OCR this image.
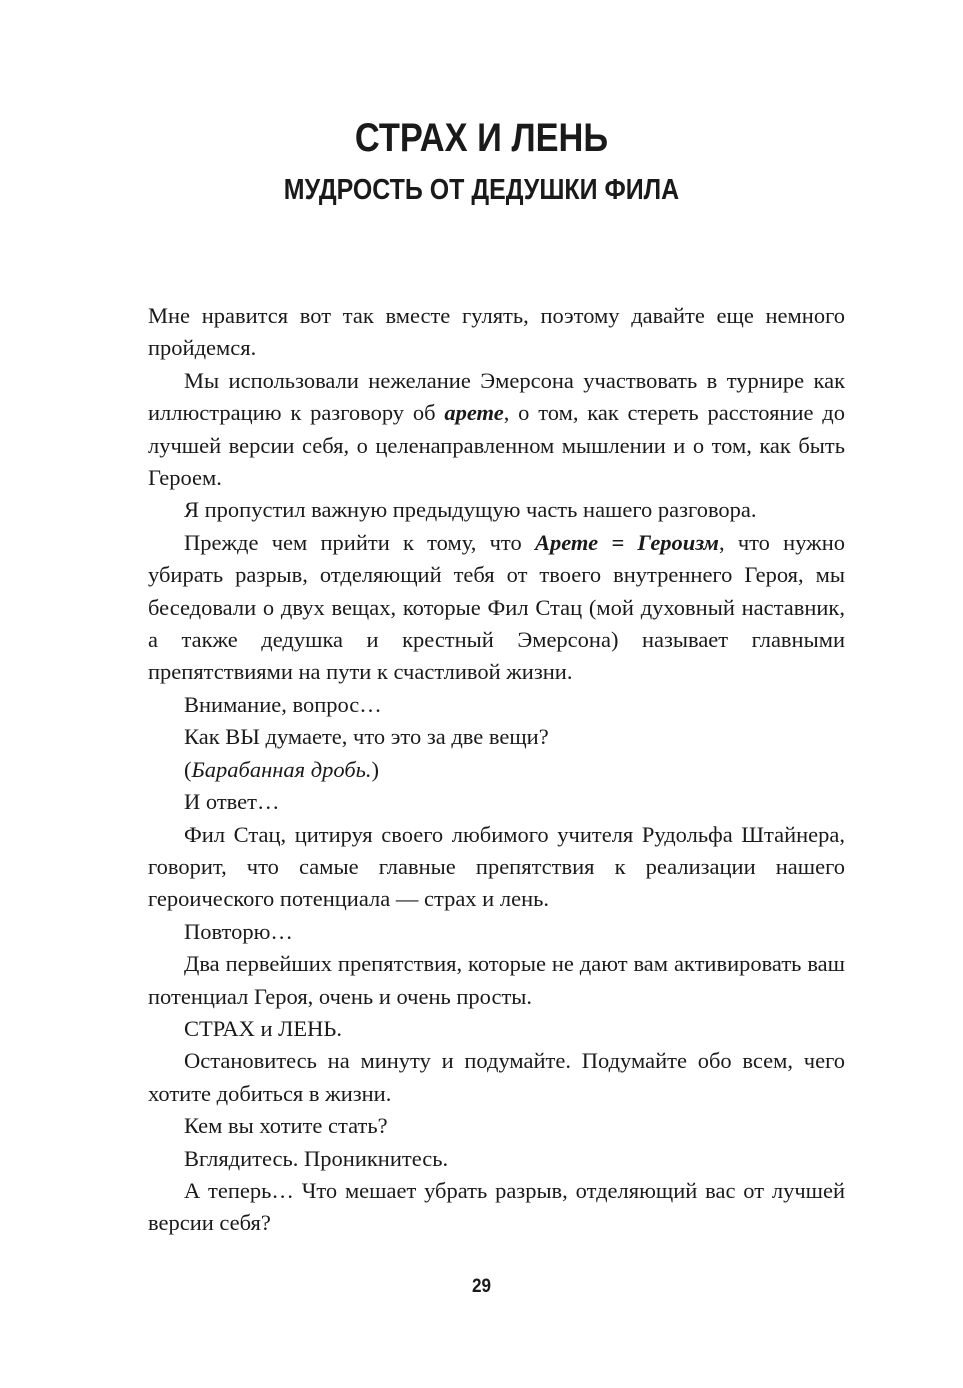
СТРАХ И ЛЕНЬ
МУДРОСТЬ ОТ ДЕДУШКИ ФИЛА

Мне нравится вот так вместе гулять, поэтому давайте еще немного пройдемся.

Мы использовали нежелание Эмерсона участвовать в турнире как иллюстрацию к разговору об арете, о том, как стереть расстояние до лучшей версии себя, о целенаправленном мышлении и о том, как быть Героем.

Я пропустил важную предыдущую часть нашего разговора.

Прежде чем прийти к тому, что Арете = Героизм, что нужно убирать разрыв, отделяющий тебя от твоего внутреннего Героя, мы беседовали о двух вещах, которые Фил Стац (мой духовный наставник, а также дедушка и крестный Эмерсона) называет главными препятствиями на пути к счастливой жизни.

Внимание, вопрос…

Как ВЫ думаете, что это за две вещи?

(Барабанная дробь.)

И ответ…

Фил Стац, цитируя своего любимого учителя Рудольфа Штайнера, говорит, что самые главные препятствия к реализации нашего героического потенциала — страх и лень.

Повторю…

Два первейших препятствия, которые не дают вам активировать ваш потенциал Героя, очень и очень просты.

СТРАХ и ЛЕНЬ.

Остановитесь на минуту и подумайте. Подумайте обо всем, чего хотите добиться в жизни.

Кем вы хотите стать?

Вглядитесь. Проникнитесь.

А теперь… Что мешает убрать разрыв, отделяющий вас от лучшей версии себя?

29
